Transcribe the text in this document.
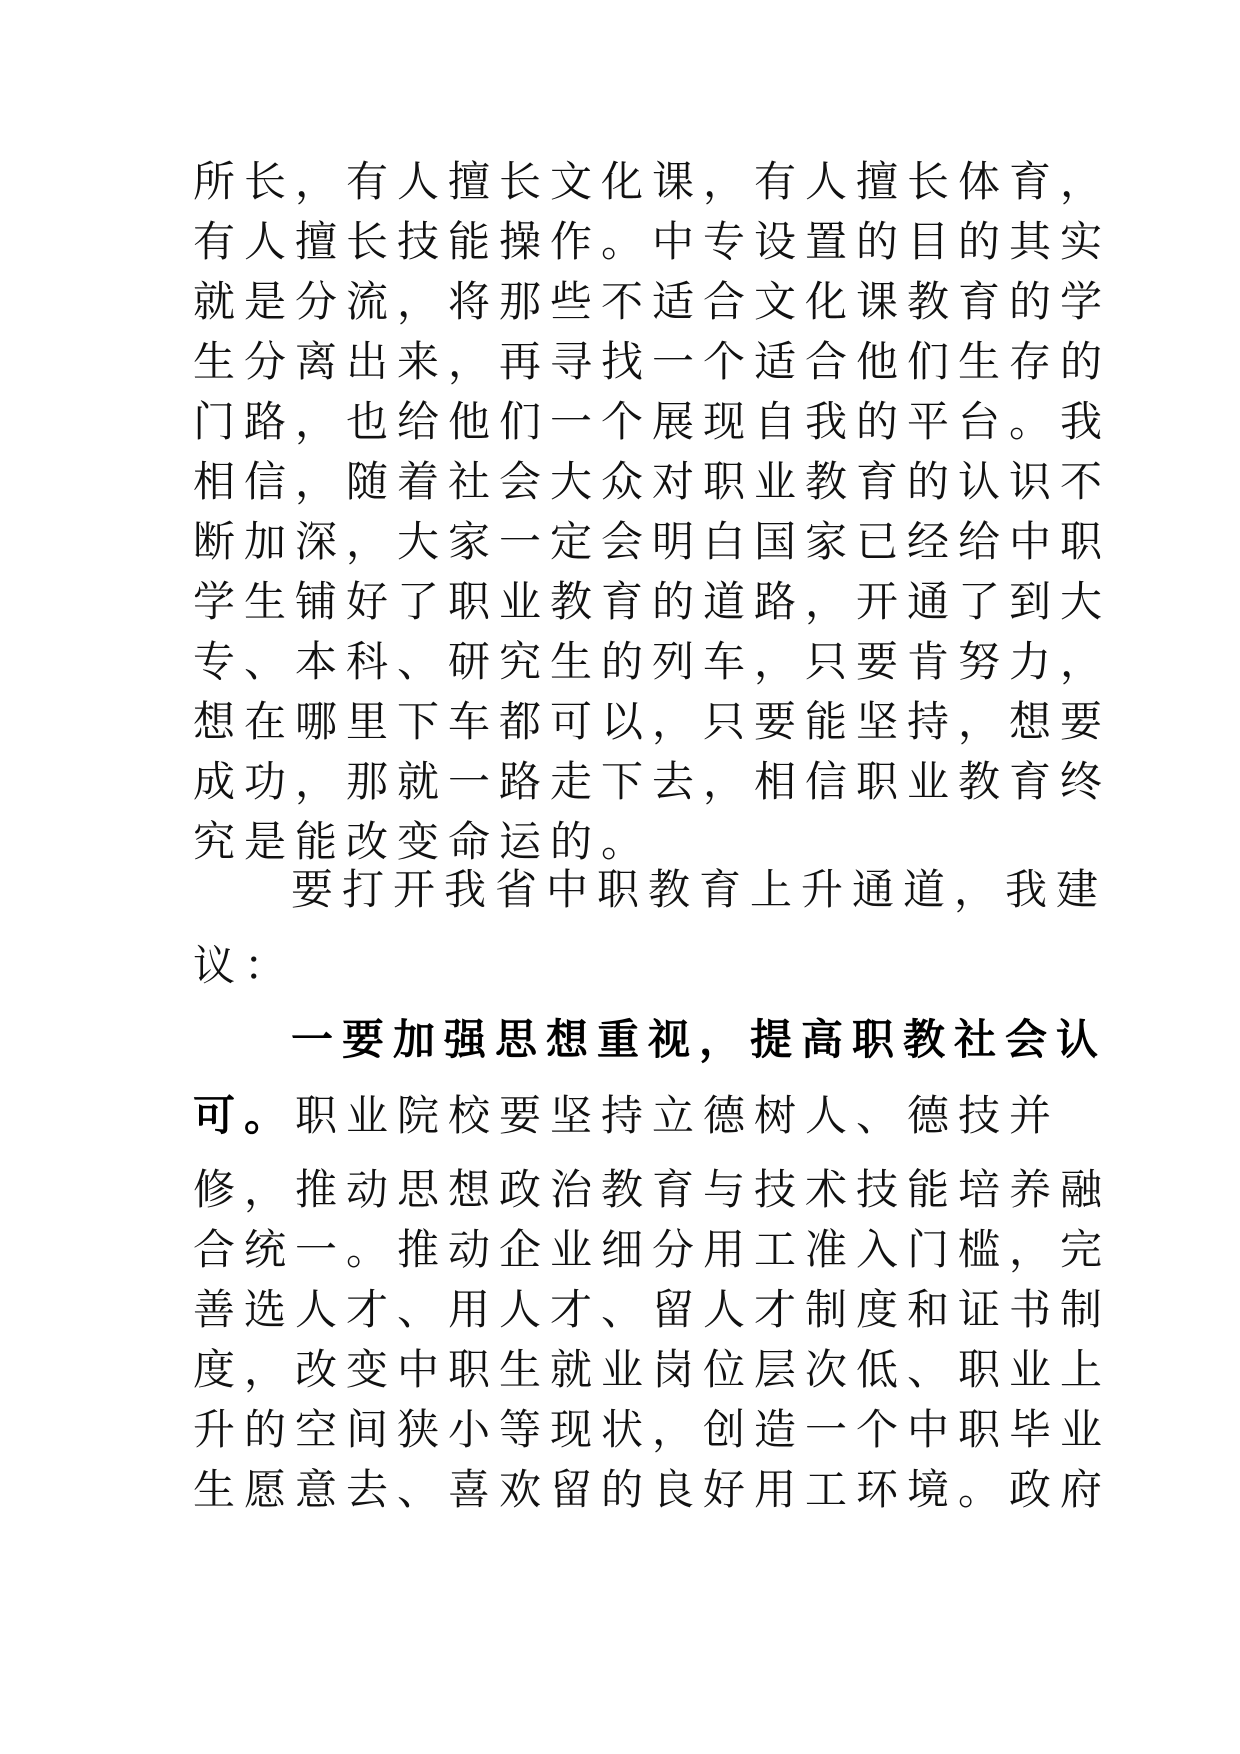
所长，有人擅长文化课，有人擅长体育，
有人擅长技能操作。中专设置的目的其实
就是分流，将那些不适合文化课教育的学
生分离出来，再寻找一个适合他们生存的
门路，也给他们一个展现自我的平台。我
相信，随着社会大众对职业教育的认识不
断加深，大家一定会明白国家已经给中职
学生铺好了职业教育的道路，开通了到大
专、本科、研究生的列车，只要肯努力，
想在哪里下车都可以，只要能坚持，想要
成功，那就一路走下去，相信职业教育终
究是能改变命运的。
要打开我省中职教育上升通道，我建
议：
一要加强思想重视，提高职教社会认
可。职业院校要坚持立德树人、德技并
修，推动思想政治教育与技术技能培养融
合统一。推动企业细分用工准入门槛，完
善选人才、用人才、留人才制度和证书制
度，改变中职生就业岗位层次低、职业上
升的空间狭小等现状，创造一个中职毕业
生愿意去、喜欢留的良好用工环境。政府
